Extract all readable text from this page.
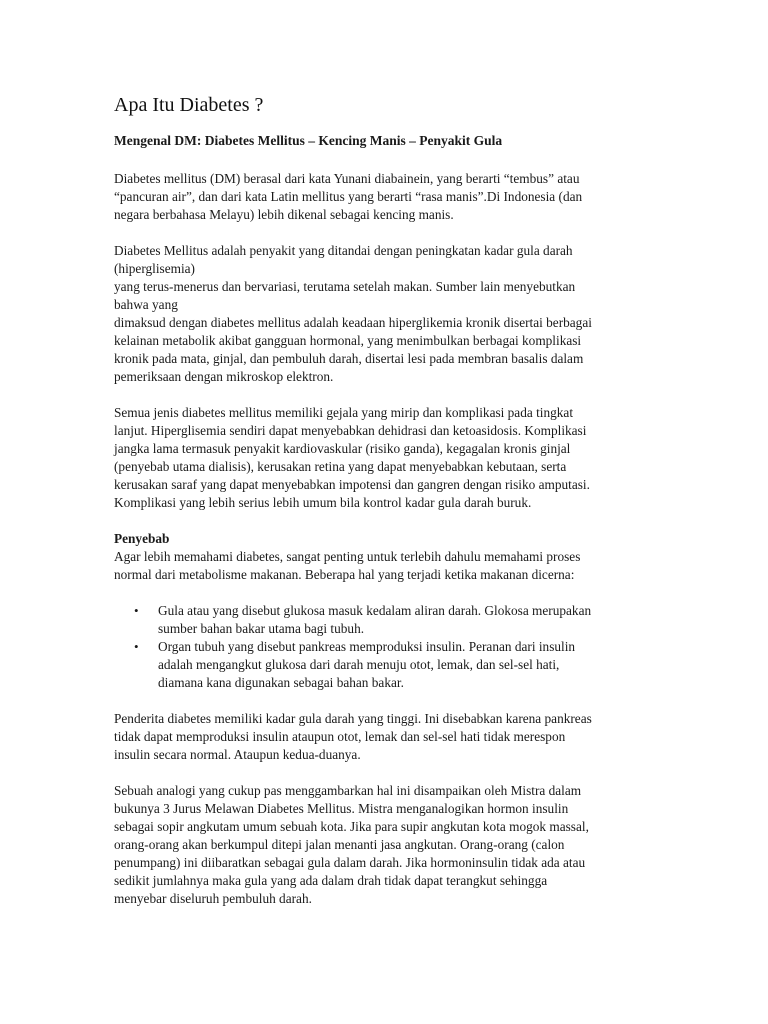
Apa Itu Diabetes ?
Mengenal DM: Diabetes Mellitus – Kencing Manis – Penyakit Gula
Diabetes mellitus (DM) berasal dari kata Yunani diabainein, yang berarti “tembus” atau
“pancuran air”, dan dari kata Latin mellitus yang berarti “rasa manis”.Di Indonesia (dan
negara berbahasa Melayu) lebih dikenal sebagai kencing manis.
Diabetes Mellitus adalah penyakit yang ditandai dengan peningkatan kadar gula darah
(hiperglisemia)
yang terus-menerus dan bervariasi, terutama setelah makan. Sumber lain menyebutkan
bahwa yang
dimaksud dengan diabetes mellitus adalah keadaan hiperglikemia kronik disertai berbagai
kelainan metabolik akibat gangguan hormonal, yang menimbulkan berbagai komplikasi
kronik pada mata, ginjal, dan pembuluh darah, disertai lesi pada membran basalis dalam
pemeriksaan dengan mikroskop elektron.
Semua jenis diabetes mellitus memiliki gejala yang mirip dan komplikasi pada tingkat
lanjut. Hiperglisemia sendiri dapat menyebabkan dehidrasi dan ketoasidosis. Komplikasi
jangka lama termasuk penyakit kardiovaskular (risiko ganda), kegagalan kronis ginjal
(penyebab utama dialisis), kerusakan retina yang dapat menyebabkan kebutaan, serta
kerusakan saraf yang dapat menyebabkan impotensi dan gangren dengan risiko amputasi.
Komplikasi yang lebih serius lebih umum bila kontrol kadar gula darah buruk.
Penyebab
Agar lebih memahami diabetes, sangat penting untuk terlebih dahulu memahami proses
normal dari metabolisme makanan. Beberapa hal yang terjadi ketika makanan dicerna:
• Gula atau yang disebut glukosa masuk kedalam aliran darah. Glokosa merupakan
sumber bahan bakar utama bagi tubuh.
• Organ tubuh yang disebut pankreas memproduksi insulin. Peranan dari insulin
adalah mengangkut glukosa dari darah menuju otot, lemak, dan sel-sel hati,
diamana kana digunakan sebagai bahan bakar.
Penderita diabetes memiliki kadar gula darah yang tinggi. Ini disebabkan karena pankreas
tidak dapat memproduksi insulin ataupun otot, lemak dan sel-sel hati tidak merespon
insulin secara normal. Ataupun kedua-duanya.
Sebuah analogi yang cukup pas menggambarkan hal ini disampaikan oleh Mistra dalam
bukunya 3 Jurus Melawan Diabetes Mellitus. Mistra menganalogikan hormon insulin
sebagai sopir angkutam umum sebuah kota. Jika para supir angkutan kota mogok massal,
orang-orang akan berkumpul ditepi jalan menanti jasa angkutan. Orang-orang (calon
penumpang) ini diibaratkan sebagai gula dalam darah. Jika hormoninsulin tidak ada atau
sedikit jumlahnya maka gula yang ada dalam drah tidak dapat terangkut sehingga
menyebar diseluruh pembuluh darah.
